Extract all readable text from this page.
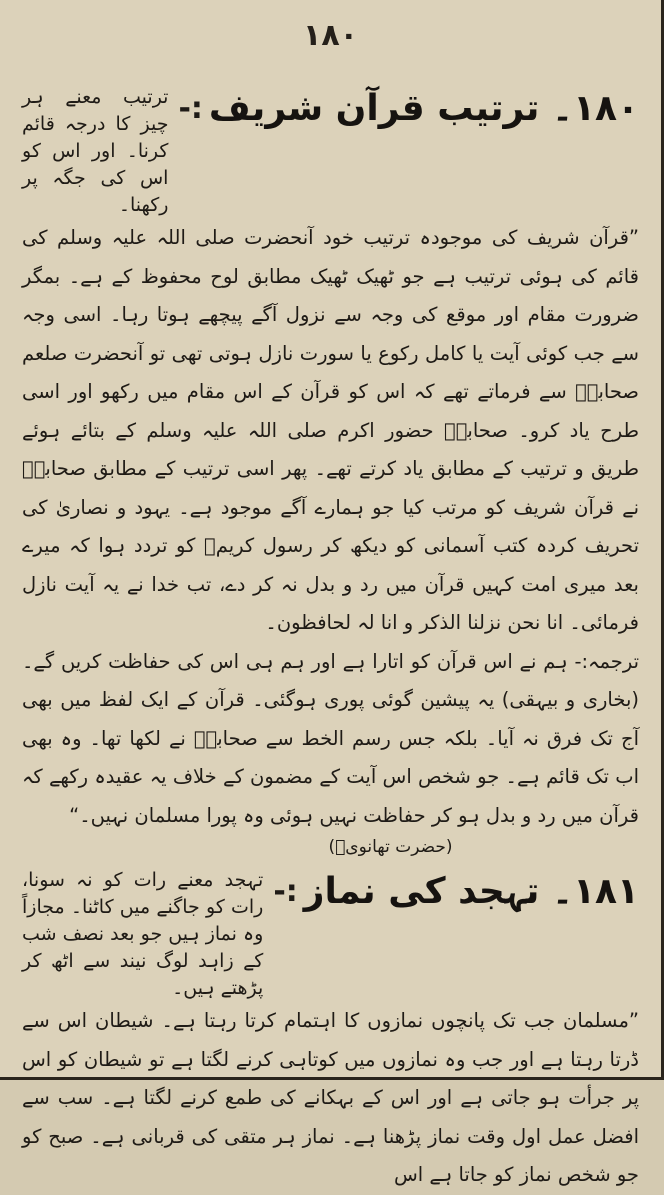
۱۸۰
۱۸۰۔ ترتیب قرآن شریف
:-
ترتیب معنے ہر چیز کا درجہ قائم کرنا۔ اور اس کو اس کی جگہ پر رکھنا۔

”قرآن شریف کی موجودہ ترتیب خود آنحضرت صلی اللہ علیہ وسلم کی قائم کی ہوئی ترتیب ہے جو ٹھیک ٹھیک مطابق لوح محفوظ کے ہے۔ بمگر ضرورت مقام اور موقع کی وجہ سے نزول آگے پیچھے ہوتا رہا۔ اسی وجہ سے جب کوئی آیت یا کامل رکوع یا سورت نازل ہوتی تھی تو آنحضرت صلعم صحابہؓ سے فرماتے تھے کہ اس کو قرآن کے اس مقام میں رکھو اور اسی طرح یاد کرو۔ صحابہؓ حضور اکرم صلی اللہ علیہ وسلم کے بتائے ہوئے طریق و ترتیب کے مطابق یاد کرتے تھے۔ پھر اسی ترتیب کے مطابق صحابہؓ نے قرآن شریف کو مرتب کیا جو ہمارے آگے موجود ہے۔ یہود و نصاریٰ کی تحریف کردہ کتب آسمانی کو دیکھ کر رسول کریمؐ کو تردد ہوا کہ میرے بعد میری امت کہیں قرآن میں رد و بدل نہ کر دے، تب خدا نے یہ آیت نازل فرمائی۔ انا نحن نزلنا الذکر و انا لہ لحافظون۔

ترجمہ:- ہم نے اس قرآن کو اتارا ہے اور ہم ہی اس کی حفاظت کریں گے۔ (بخاری و بیہقی) یہ پیشین گوئی پوری ہوگئی۔ قرآن کے ایک لفظ میں بھی آج تک فرق نہ آیا۔ بلکہ جس رسم الخط سے صحابہؓ نے لکھا تھا۔ وہ بھی اب تک قائم ہے۔ جو شخص اس آیت کے مضمون کے خلاف یہ عقیدہ رکھے کہ قرآن میں رد و بدل ہو کر حفاظت نہیں ہوئی وہ پورا مسلمان نہیں۔“

(حضرت تھانویؒ)

۱۸۱۔ تہجد کی نماز
:-
تہجد معنے رات کو نہ سونا، رات کو جاگنے میں کاٹنا۔ مجازاً وہ نماز ہیں جو بعد نصف شب کے زاہد لوگ نیند سے اٹھ کر پڑھتے ہیں۔

”مسلمان جب تک پانچوں نمازوں کا اہتمام کرتا رہتا ہے۔ شیطان اس سے ڈرتا رہتا ہے اور جب وہ نمازوں میں کوتاہی کرنے لگتا ہے تو شیطان کو اس پر جرأت ہو جاتی ہے اور اس کے بہکانے کی طمع کرنے لگتا ہے۔ سب سے افضل عمل اول وقت نماز پڑھنا ہے۔ نماز ہر متقی کی قربانی ہے۔ صبح کو جو شخص نماز کو جاتا ہے اس
